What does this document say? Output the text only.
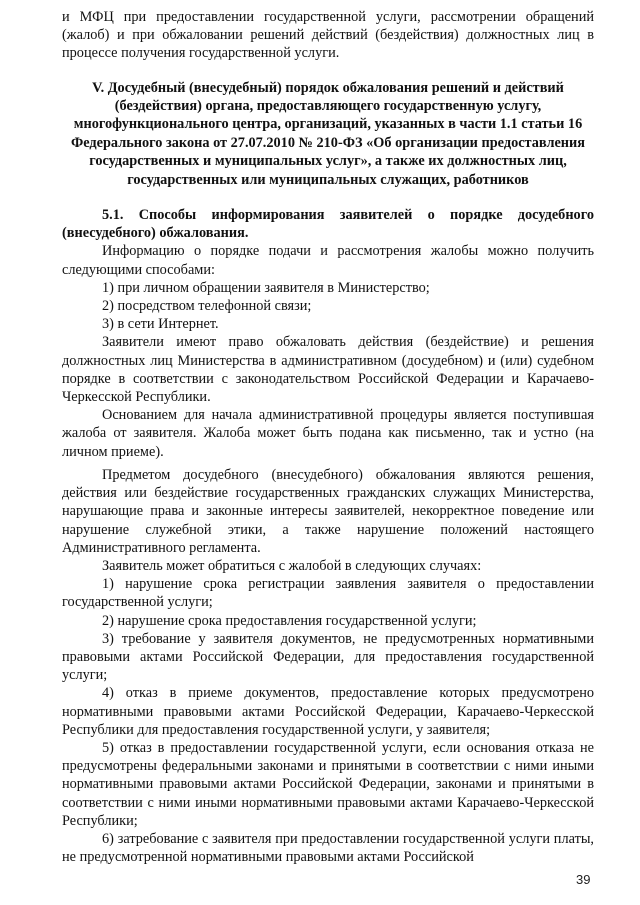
и МФЦ при предоставлении государственной услуги, рассмотрении обращений (жалоб) и при обжаловании решений действий (бездействия) должностных лиц в процессе получения государственной услуги.

V. Досудебный (внесудебный) порядок обжалования решений и действий (бездействия) органа, предоставляющего государственную услугу, многофункционального центра, организаций, указанных в части 1.1 статьи 16 Федерального закона от 27.07.2010 № 210-ФЗ «Об организации предоставления государственных и муниципальных услуг», а также их должностных лиц, государственных или муниципальных служащих, работников

5.1. Способы информирования заявителей о порядке досудебного (внесудебного) обжалования.

Информацию о порядке подачи и рассмотрения жалобы можно получить следующими способами:

1) при личном обращении заявителя в Министерство;

2) посредством телефонной связи;

3) в сети Интернет.

Заявители имеют право обжаловать действия (бездействие) и решения должностных лиц Министерства в административном (досудебном) и (или) судебном порядке в соответствии с законодательством Российской Федерации и Карачаево-Черкесской Республики.

Основанием для начала административной процедуры является поступившая жалоба от заявителя. Жалоба может быть подана как письменно, так и устно (на личном приеме).

Предметом досудебного (внесудебного) обжалования являются решения, действия или бездействие государственных гражданских служащих Министерства, нарушающие права и законные интересы заявителей, некорректное поведение или нарушение служебной этики, а также нарушение положений настоящего Административного регламента.

Заявитель может обратиться с жалобой в следующих случаях:

1) нарушение срока регистрации заявления заявителя о предоставлении государственной услуги;

2) нарушение срока предоставления государственной услуги;

3) требование у заявителя документов, не предусмотренных нормативными правовыми актами Российской Федерации, для предоставления государственной услуги;

4) отказ в приеме документов, предоставление которых предусмотрено нормативными правовыми актами Российской Федерации, Карачаево-Черкесской Республики для предоставления государственной услуги, у заявителя;

5) отказ в предоставлении государственной услуги, если основания отказа не предусмотрены федеральными законами и принятыми в соответствии с ними иными нормативными правовыми актами Российской Федерации, законами и принятыми в соответствии с ними иными нормативными правовыми актами Карачаево-Черкесской Республики;

6) затребование с заявителя при предоставлении государственной услуги платы, не предусмотренной нормативными правовыми актами Российской

39
